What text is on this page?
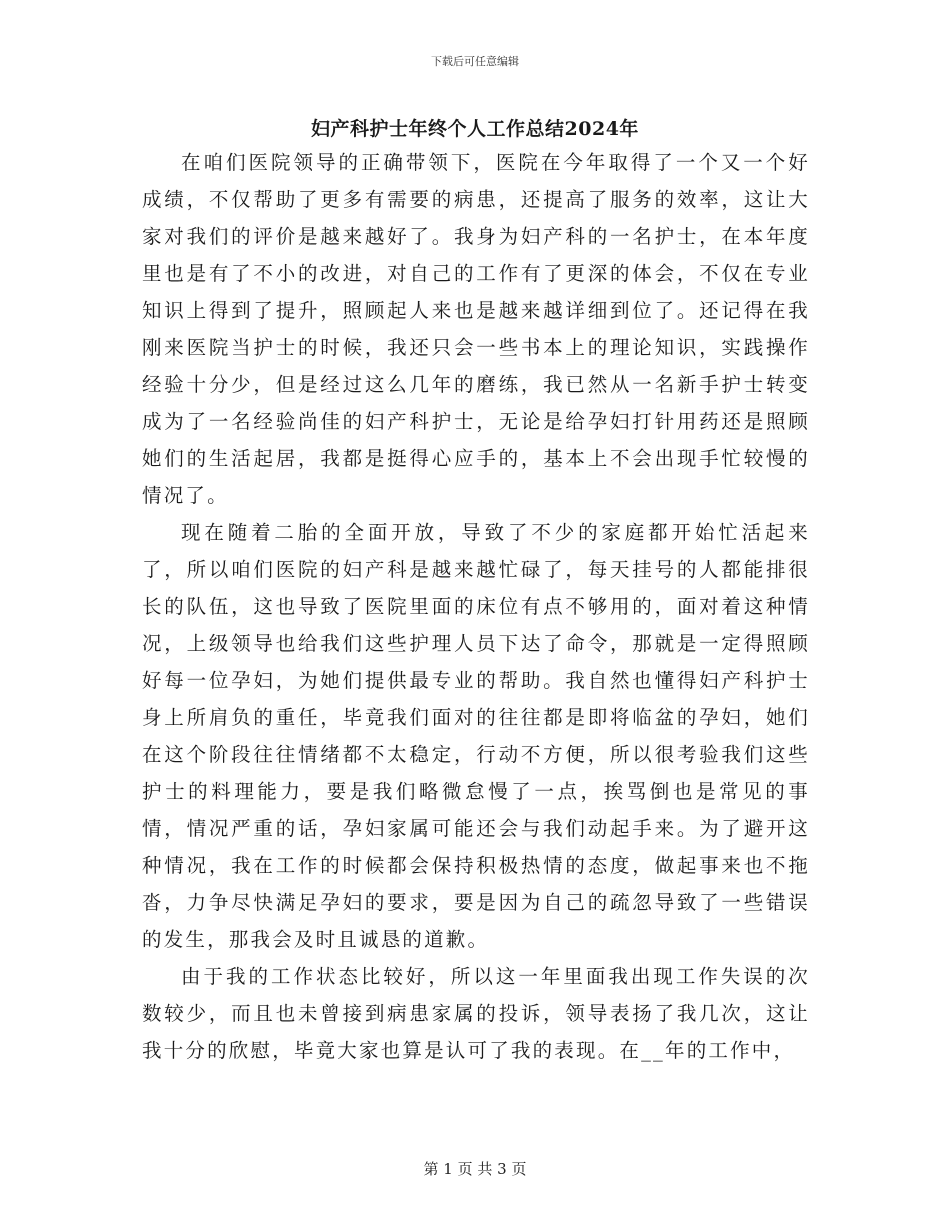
下载后可任意编辑
妇产科护士年终个人工作总结2024年

在咱们医院领导的正确带领下，医院在今年取得了一个又一个好成绩，不仅帮助了更多有需要的病患，还提高了服务的效率，这让大家对我们的评价是越来越好了。我身为妇产科的一名护士，在本年度里也是有了不小的改进，对自己的工作有了更深的体会，不仅在专业知识上得到了提升，照顾起人来也是越来越详细到位了。还记得在我刚来医院当护士的时候，我还只会一些书本上的理论知识，实践操作经验十分少，但是经过这么几年的磨练，我已然从一名新手护士转变成为了一名经验尚佳的妇产科护士，无论是给孕妇打针用药还是照顾她们的生活起居，我都是挺得心应手的，基本上不会出现手忙较慢的情况了。

现在随着二胎的全面开放，导致了不少的家庭都开始忙活起来了，所以咱们医院的妇产科是越来越忙碌了，每天挂号的人都能排很长的队伍，这也导致了医院里面的床位有点不够用的，面对着这种情况，上级领导也给我们这些护理人员下达了命令，那就是一定得照顾好每一位孕妇，为她们提供最专业的帮助。我自然也懂得妇产科护士身上所肩负的重任，毕竟我们面对的往往都是即将临盆的孕妇，她们在这个阶段往往情绪都不太稳定，行动不方便，所以很考验我们这些护士的料理能力，要是我们略微怠慢了一点，挨骂倒也是常见的事情，情况严重的话，孕妇家属可能还会与我们动起手来。为了避开这种情况，我在工作的时候都会保持积极热情的态度，做起事来也不拖沓，力争尽快满足孕妇的要求，要是因为自己的疏忽导致了一些错误的发生，那我会及时且诚恳的道歉。

由于我的工作状态比较好，所以这一年里面我出现工作失误的次数较少，而且也未曾接到病患家属的投诉，领导表扬了我几次，这让我十分的欣慰，毕竟大家也算是认可了我的表现。在__年的工作中，

第 1 页 共 3 页
